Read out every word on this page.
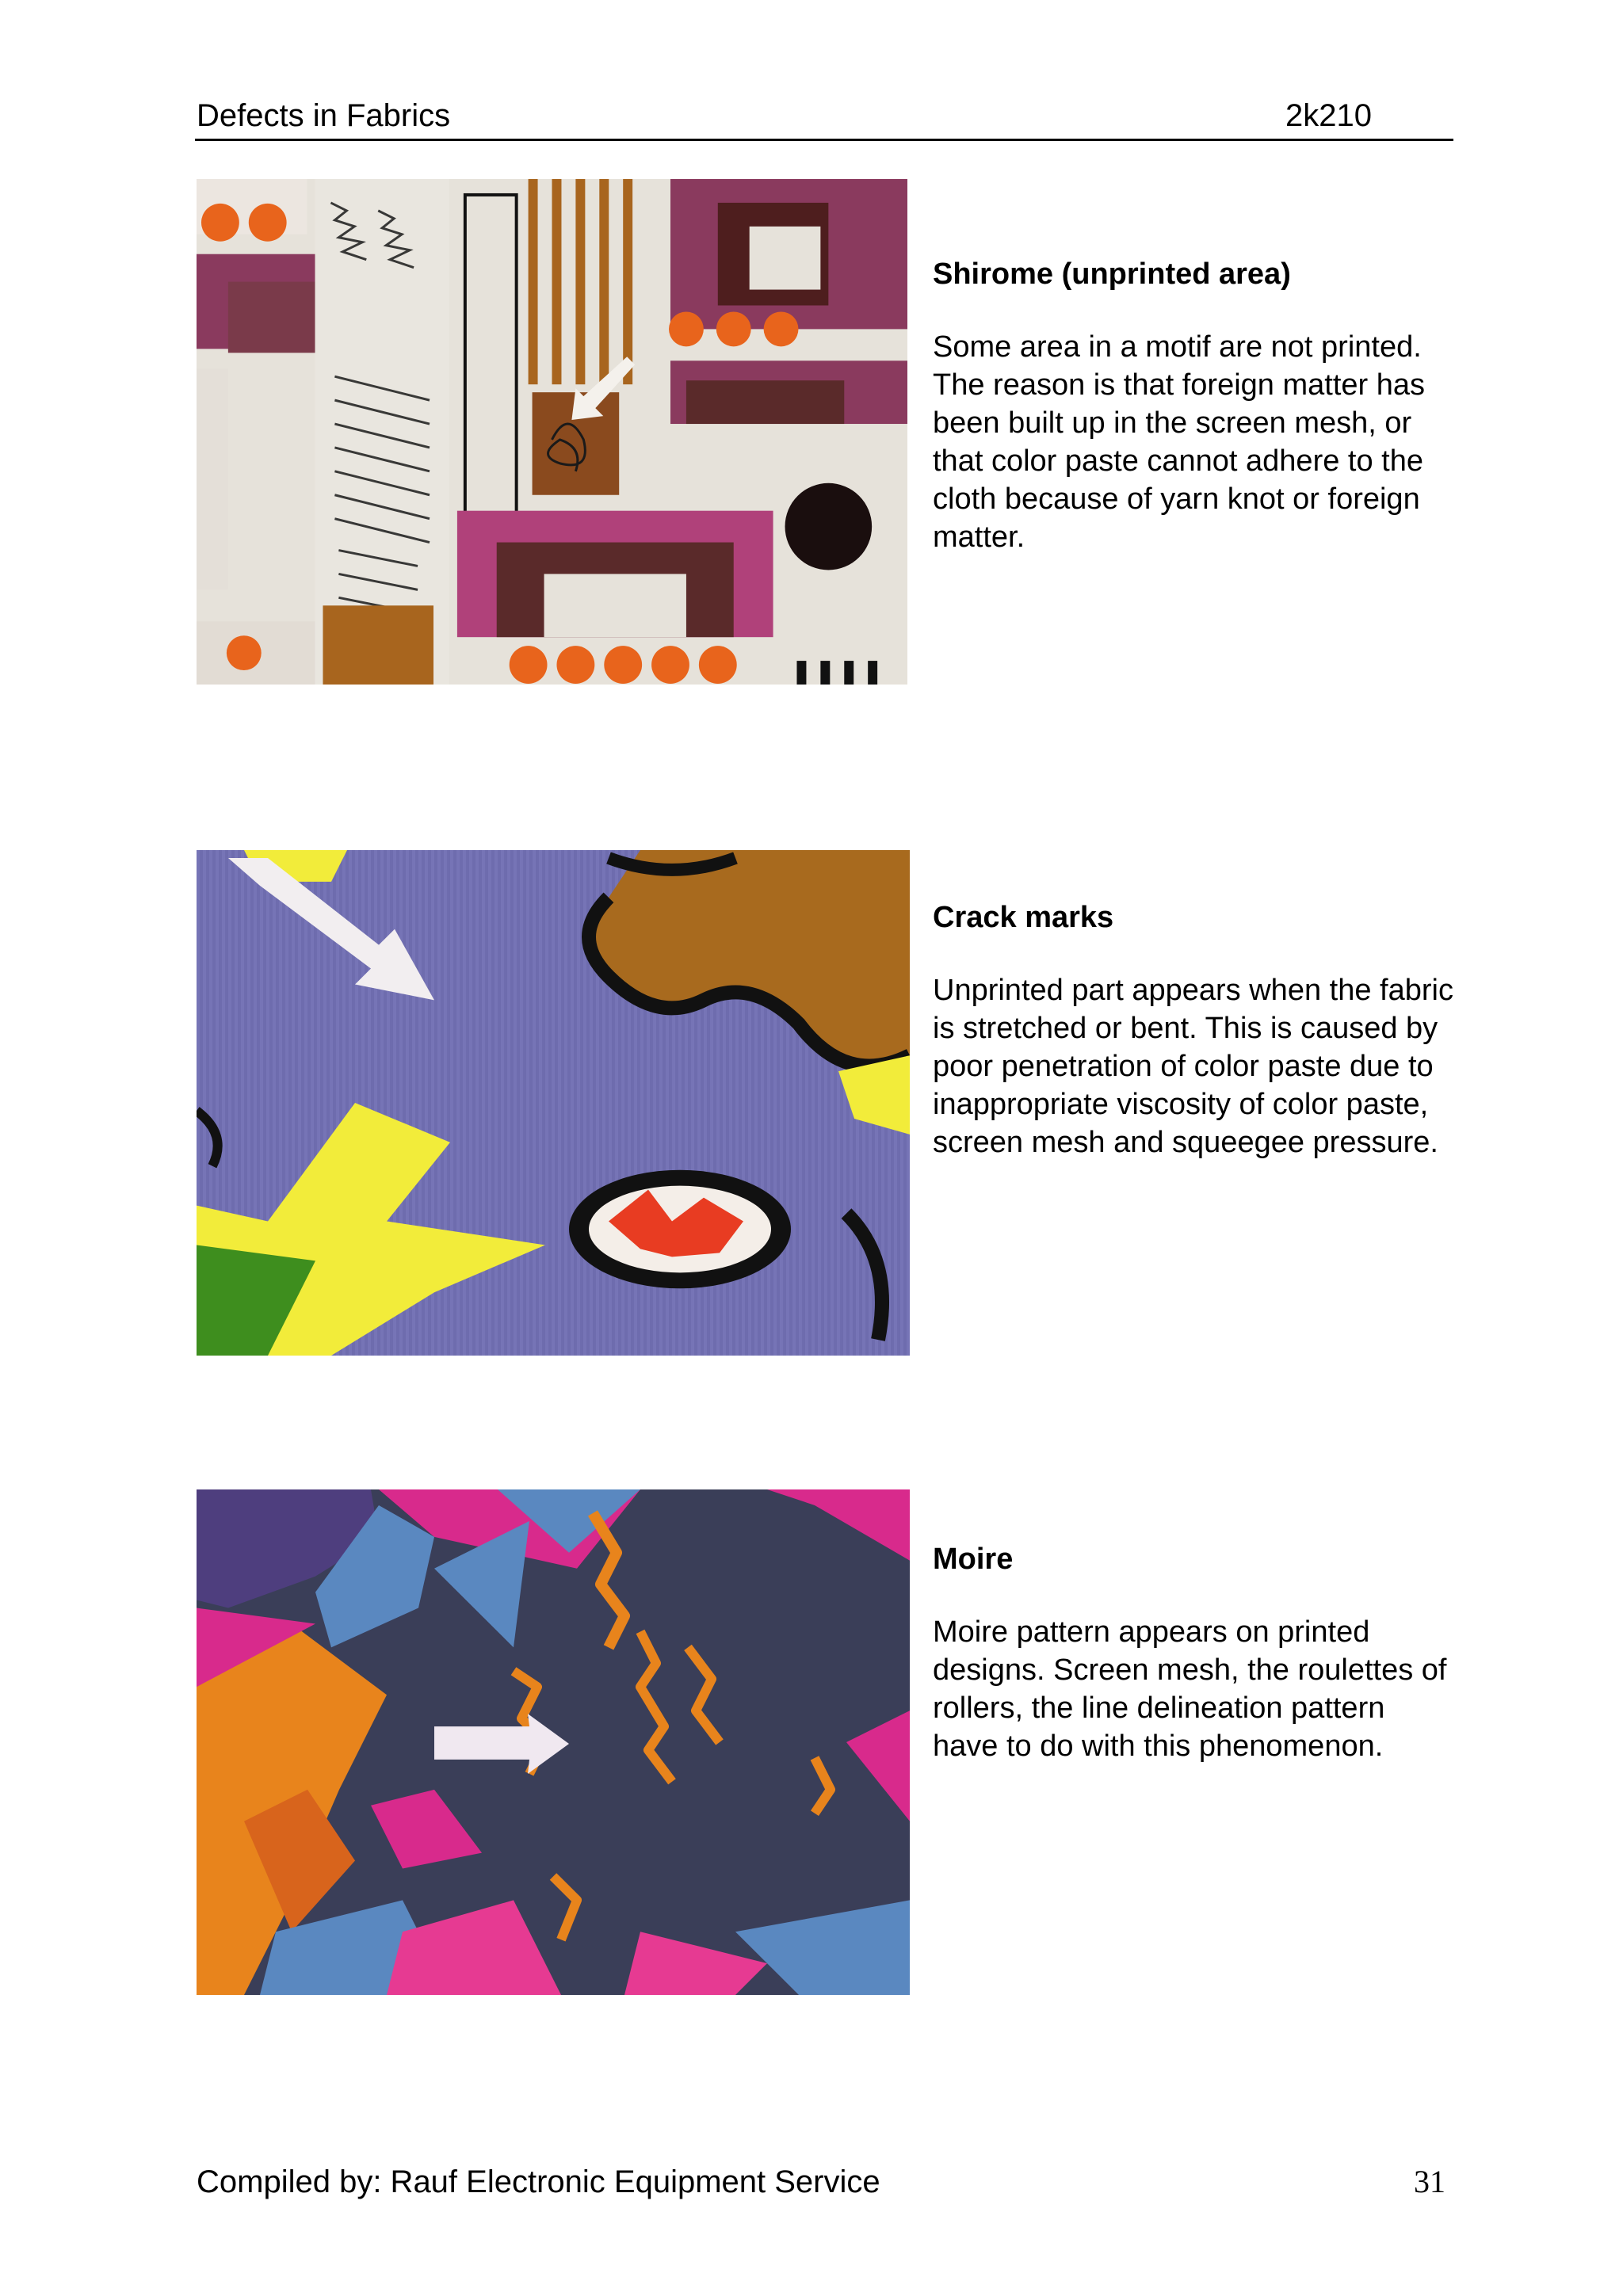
Defects in Fabrics	2k210
Shirome (unprinted area)

Some area in a motif are not printed. The reason is that foreign matter has been built up in the screen mesh, or that color paste cannot adhere to the cloth because of yarn knot or foreign matter.

Crack marks

Unprinted part appears when the fabric is stretched or bent. This is caused by poor penetration of color paste due to inappropriate viscosity of color paste, screen mesh and squeegee pressure.

Moire

Moire pattern appears on printed designs. Screen mesh, the roulettes of rollers, the line delineation pattern have to do with this phenomenon.

Compiled by: Rauf Electronic Equipment Service	31
